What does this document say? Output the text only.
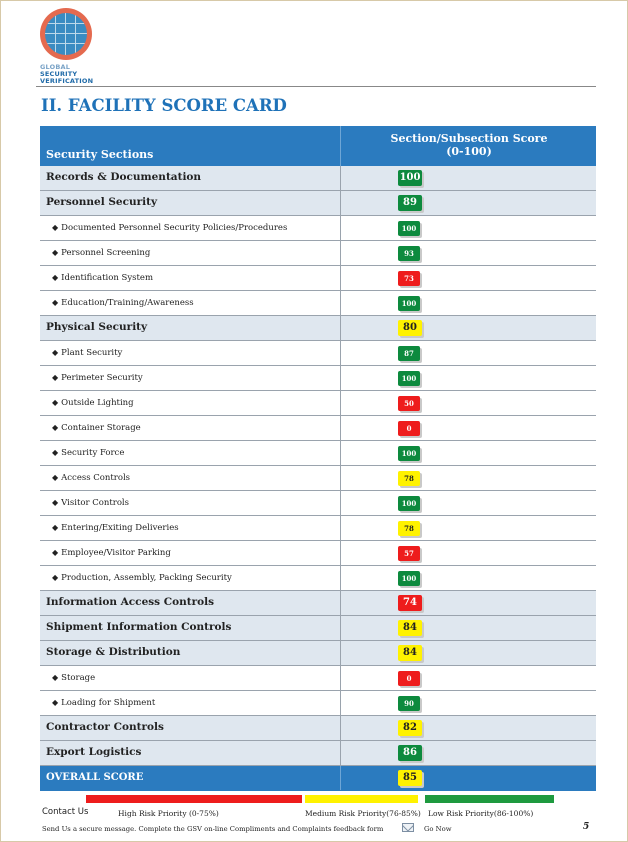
GLOBAL
SECURITY
VERIFICATION
II. FACILITY SCORE CARD
Security Sections
Section/Subsection Score
(0-100)
Records & Documentation	100
Personnel Security	89
◆ Documented Personnel Security Policies/Procedures	100
◆ Personnel Screening	93
◆ Identification System	73
◆ Education/Training/Awareness	100
Physical Security	80
◆ Plant Security	87
◆ Perimeter Security	100
◆ Outside Lighting	50
◆ Container Storage	0
◆ Security Force	100
◆ Access Controls	78
◆ Visitor Controls	100
◆ Entering/Exiting Deliveries	78
◆ Employee/Visitor Parking	57
◆ Production, Assembly, Packing Security	100
Information Access Controls	74
Shipment Information Controls	84
Storage & Distribution	84
◆ Storage	0
◆ Loading for Shipment	90
Contractor Controls	82
Export Logistics	86
OVERALL SCORE	85
Contact Us	High Risk Priority (0-75%)	Medium Risk Priority(76-85%) Low Risk Priority(86-100%)
Send Us a secure message. Complete the GSV on-line Compliments and Complaints feedback form	Go Now	5
